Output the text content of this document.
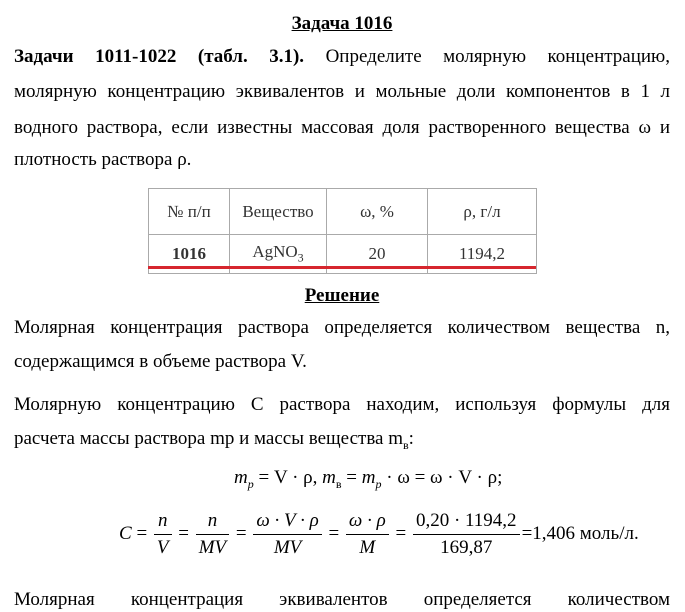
Задача 1016
Задачи 1011-1022 (табл. 3.1). Определите молярную концентрацию,
молярную концентрацию эквивалентов и мольные доли компонентов в 1 л
водного раствора, если известны массовая доля растворенного вещества ω и
плотность раствора ρ.
№ п/п	Вещество	ω, %	ρ, г/л
1016	AgNO$_3$	20	1194,2
Решение
Молярная концентрация раствора определяется количеством вещества n,
содержащимся в объеме раствора V.
Молярную концентрацию C раствора находим, используя формулы для
расчета массы раствора mр и массы вещества $m_в$:
$m_р = V \cdot \rho$, $m_в = m_р \cdot \omega = \omega \cdot V \cdot \rho$;
$C = \frac{n}{V} = \frac{n}{MV} = \frac{\omega \cdot V \cdot \rho}{MV} = \frac{\omega \cdot \rho}{M} = \frac{0,20 \cdot 1194,2}{169,87} =1,406$ моль/л.
Молярная концентрация эквивалентов определяется количеством
